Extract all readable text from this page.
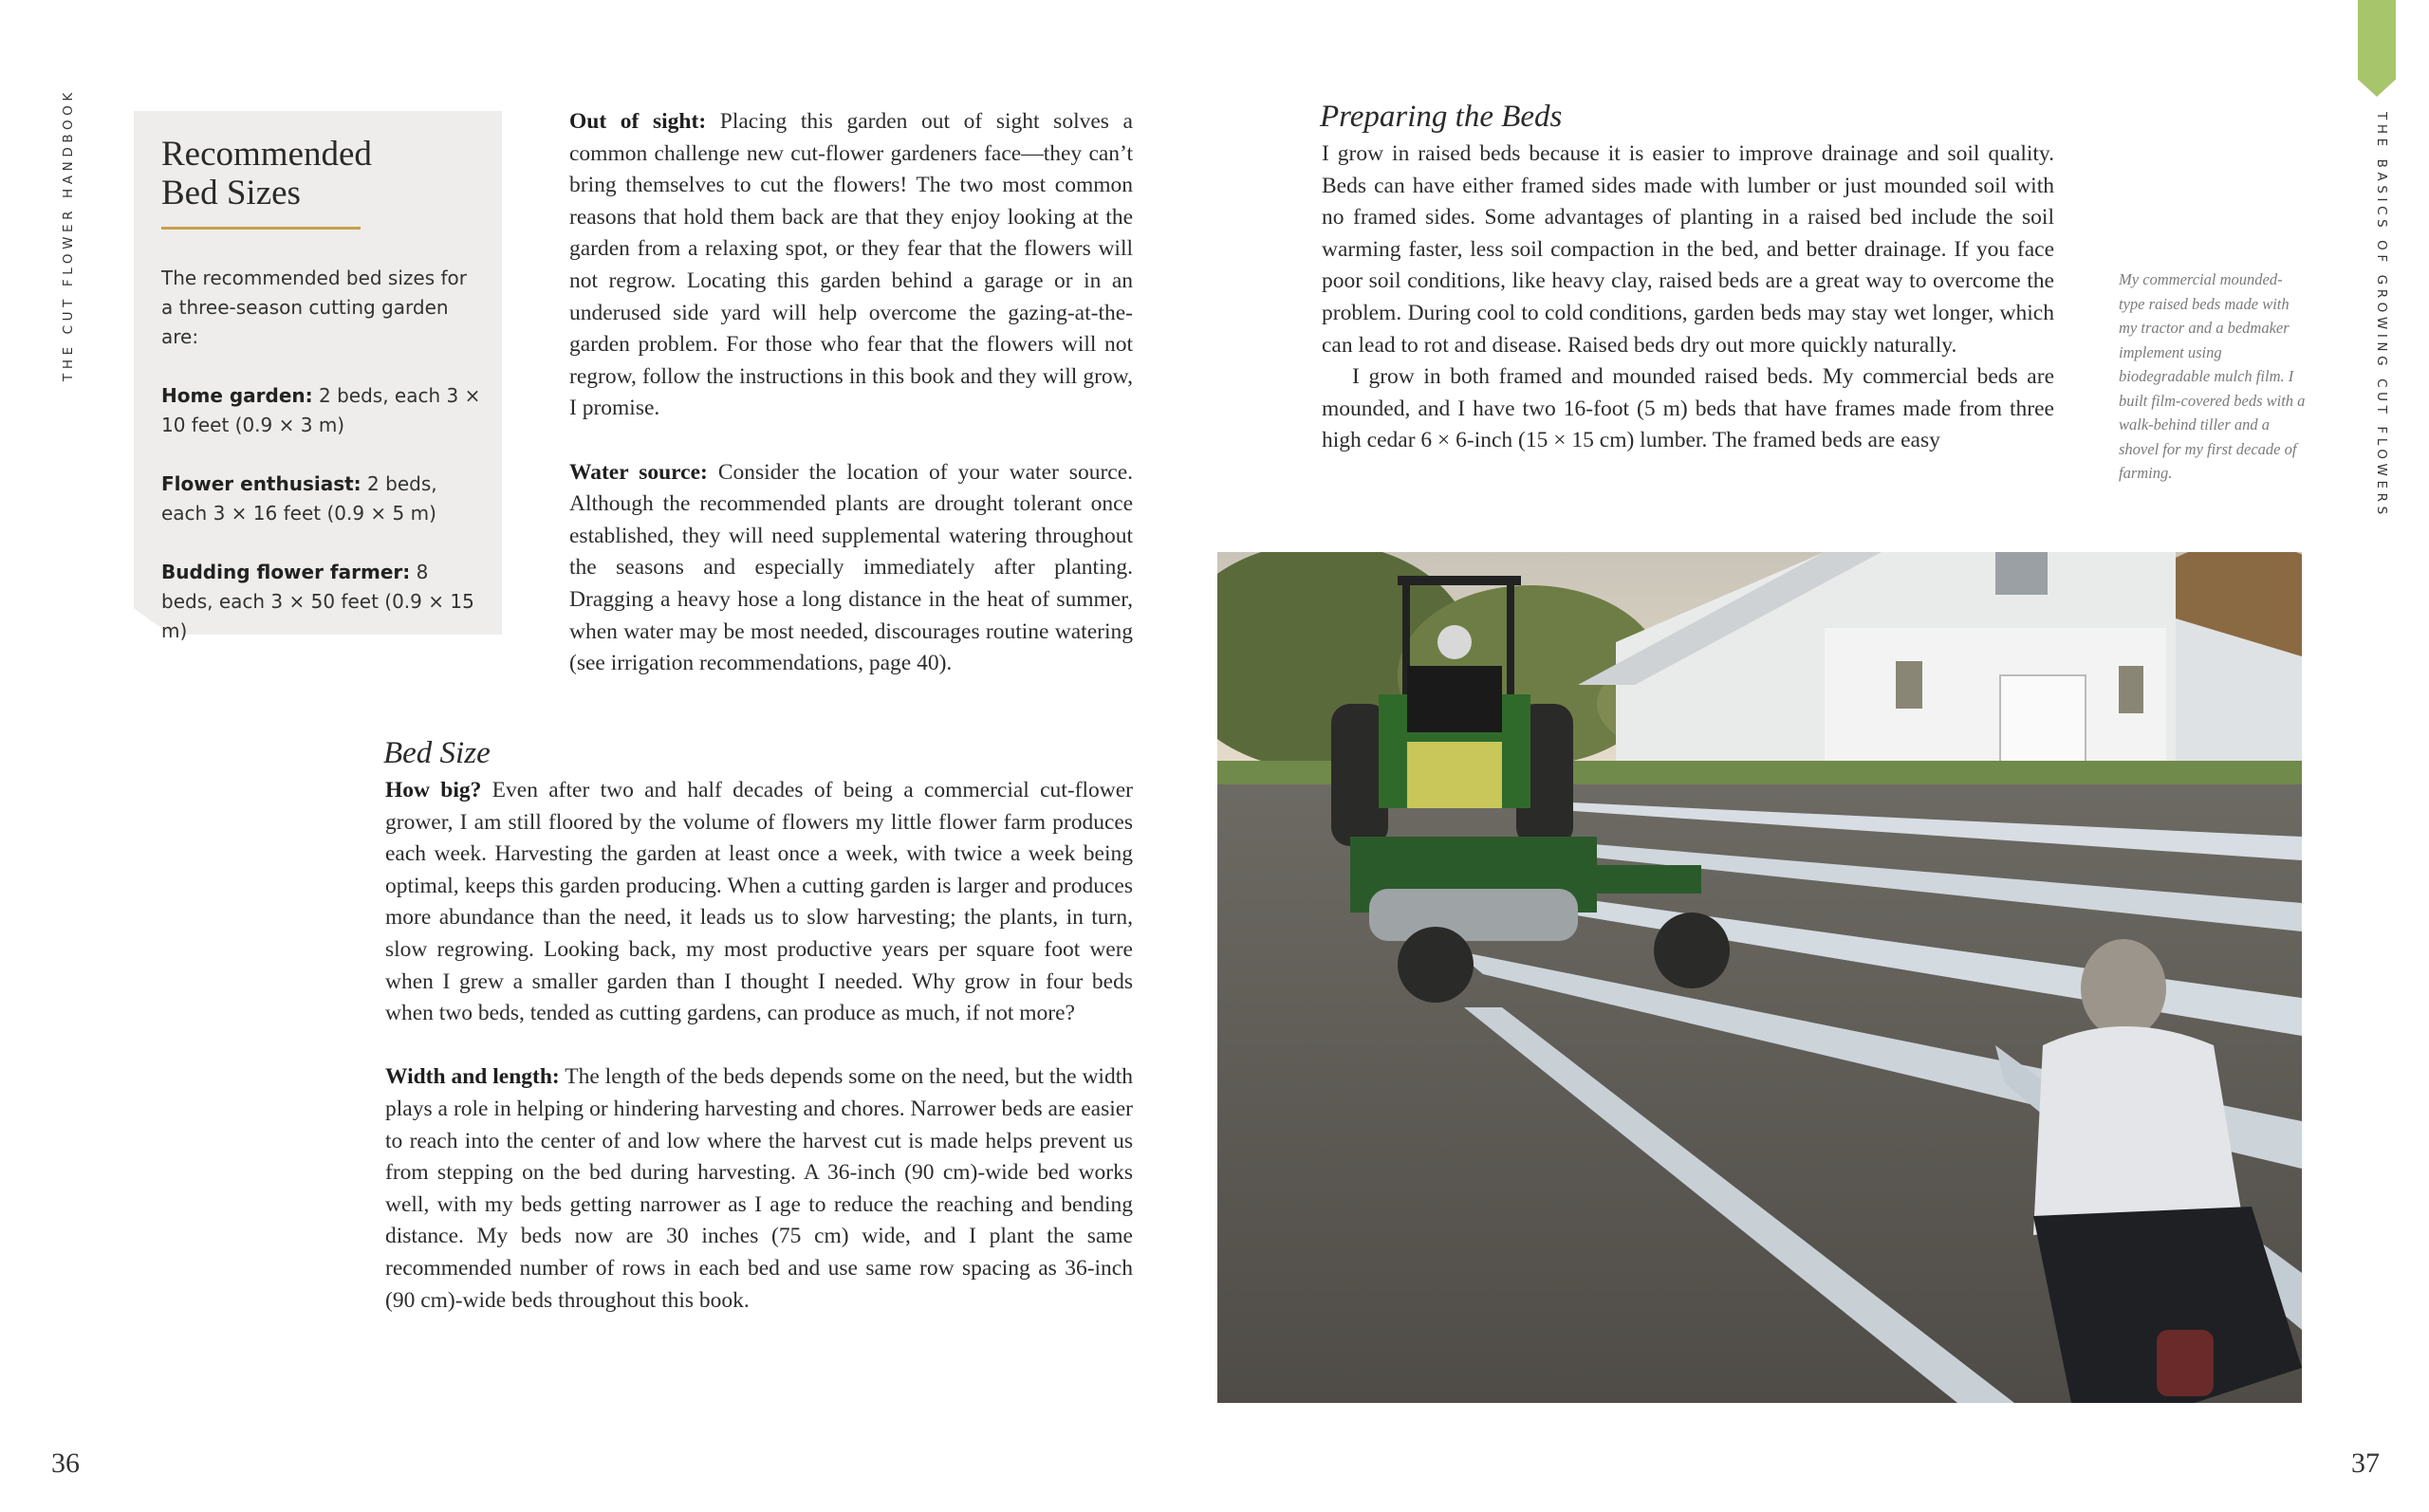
THE CUT FLOWER HANDBOOK	THE BASICS OF GROWING CUT FLOWERS
Recommended
Bed Sizes

The recommended bed sizes for a three-season cutting garden are:

Home garden: 2 beds, each 3 × 10 feet (0.9 × 3 m)

Flower enthusiast: 2 beds, each 3 × 16 feet (0.9 × 5 m)

Budding flower farmer: 8 beds, each 3 × 50 feet (0.9 × 15 m)

Out of sight: Placing this garden out of sight solves a common challenge new cut-flower gardeners face—they can’t bring themselves to cut the flowers! The two most common reasons that hold them back are that they enjoy looking at the garden from a relaxing spot, or they fear that the flowers will not regrow. Locating this garden behind a garage or in an underused side yard will help overcome the gazing-at-the-garden problem. For those who fear that the flowers will not regrow, follow the instructions in this book and they will grow, I promise.

Water source: Consider the location of your water source. Although the recommended plants are drought tolerant once established, they will need supplemental watering throughout the seasons and especially immediately after planting. Dragging a heavy hose a long distance in the heat of summer, when water may be most needed, discourages routine watering (see irrigation recommendations, page 40).

Bed Size

How big? Even after two and half decades of being a commercial cut-flower grower, I am still floored by the volume of flowers my little flower farm produces each week. Harvesting the garden at least once a week, with twice a week being optimal, keeps this garden producing. When a cutting garden is larger and produces more abundance than the need, it leads us to slow harvesting; the plants, in turn, slow regrowing. Looking back, my most productive years per square foot were when I grew a smaller garden than I thought I needed. Why grow in four beds when two beds, tended as cutting gardens, can produce as much, if not more?

Width and length: The length of the beds depends some on the need, but the width plays a role in helping or hindering harvesting and chores. Narrower beds are easier to reach into the center of and low where the harvest cut is made helps prevent us from stepping on the bed during harvesting. A 36-inch (90 cm)-wide bed works well, with my beds getting narrower as I age to reduce the reaching and bending distance. My beds now are 30 inches (75 cm) wide, and I plant the same recommended number of rows in each bed and use same row spacing as 36-inch (90 cm)-wide beds throughout this book.

Preparing the Beds

I grow in raised beds because it is easier to improve drainage and soil quality. Beds can have either framed sides made with lumber or just mounded soil with no framed sides. Some advantages of planting in a raised bed include the soil warming faster, less soil compaction in the bed, and better drainage. If you face poor soil conditions, like heavy clay, raised beds are a great way to overcome the problem. During cool to cold conditions, garden beds may stay wet longer, which can lead to rot and disease. Raised beds dry out more quickly naturally.

I grow in both framed and mounded raised beds. My commercial beds are mounded, and I have two 16-foot (5 m) beds that have frames made from three high cedar 6 × 6-inch (15 × 15 cm) lumber. The framed beds are easy

My commercial mounded-type raised beds made with my tractor and a bedmaker implement using biodegradable mulch film. I built film-covered beds with a walk-behind tiller and a shovel for my first decade of farming.
36	37
